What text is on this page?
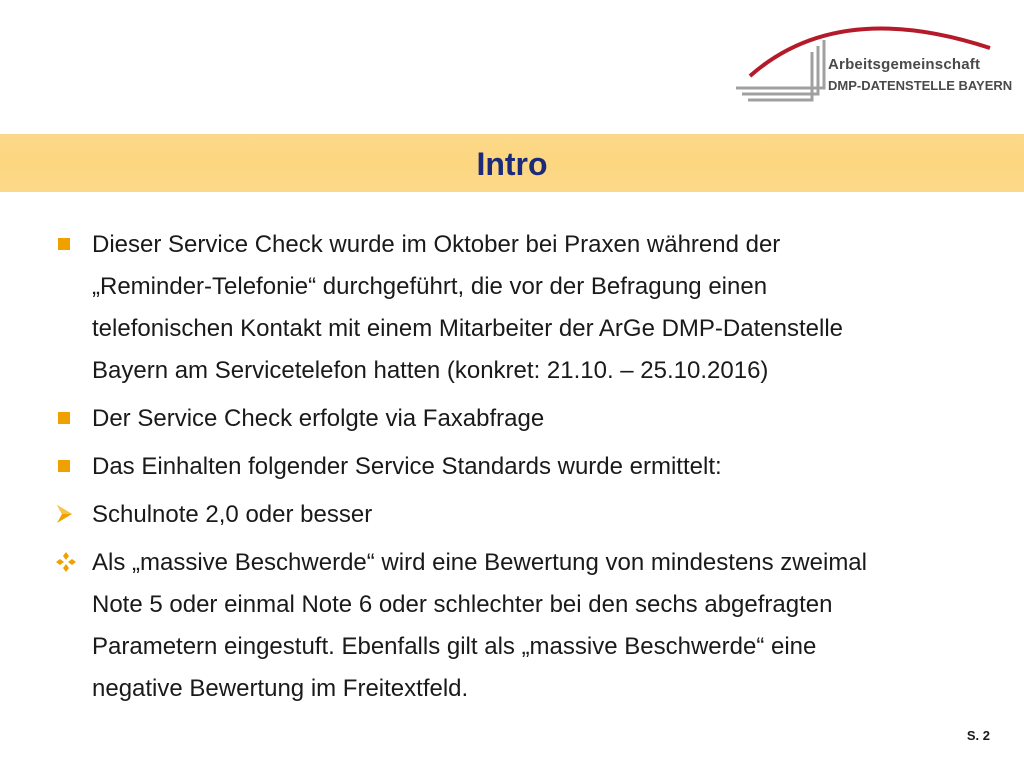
Arbeitsgemeinschaft
DMP-DATENSTELLE BAYERN
Intro
Dieser Service Check wurde im Oktober bei Praxen während der
„Reminder-Telefonie“ durchgeführt, die vor der Befragung einen
telefonischen Kontakt mit einem Mitarbeiter der ArGe DMP-Datenstelle
Bayern am Servicetelefon hatten (konkret: 21.10. – 25.10.2016)
Der Service Check erfolgte via Faxabfrage
Das Einhalten folgender Service Standards wurde ermittelt:
Schulnote 2,0 oder besser
Als „massive Beschwerde“ wird eine Bewertung von mindestens zweimal
Note 5 oder einmal Note 6 oder schlechter bei den sechs abgefragten
Parametern eingestuft. Ebenfalls gilt als „massive Beschwerde“ eine
negative Bewertung im Freitextfeld.
S. 2
